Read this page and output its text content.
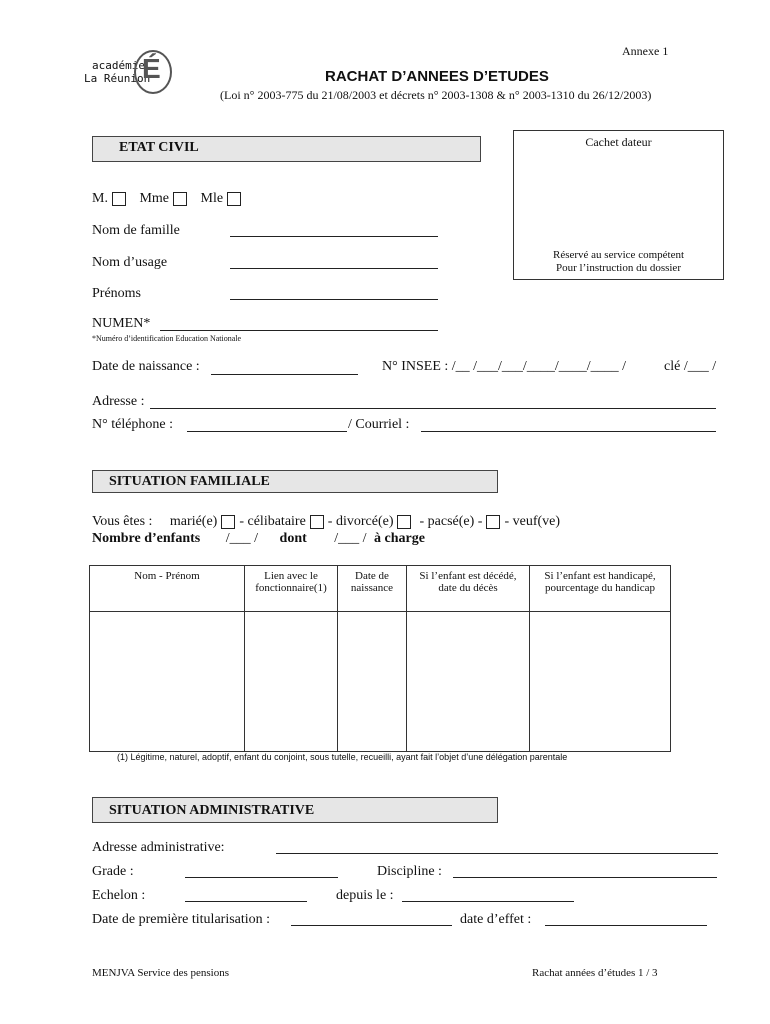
Annexe 1
académie
La Réunion
É	RACHAT D’ANNEES D’ETUDES
(Loi n° 2003-775 du 21/08/2003 et décrets n° 2003-1308 & n° 2003-1310 du 26/12/2003)
Cachet dateur
Réservé au service compétent
Pour l’instruction du dossier
ETAT CIVIL
M. Mme Mle
Nom de famille
Nom d’usage
Prénoms
NUMEN*
*Numéro d’identification Education Nationale
Date de naissance :	N° INSEE : /__ /___/___/____/____/____ /	clé /___ /
Adresse :
N° téléphone :	/ Courriel :
SITUATION FAMILIALE
Vous êtes : marié(e) - célibataire - divorcé(e) - pacsé(e) - - veuf(ve)
Nombre d’enfants /___ / dont /___ / à charge
Nom - Prénom	Lien avec le fonctionnaire(1)	Date de naissance	Si l’enfant est décédé, date du décès	Si l’enfant est handicapé, pourcentage du handicap

(1) Légitime, naturel, adoptif, enfant du conjoint, sous tutelle, recueilli, ayant fait l’objet d’une délégation parentale
SITUATION ADMINISTRATIVE
Adresse administrative:
Grade :	Discipline :
Echelon :	depuis le :
Date de première titularisation :	date d’effet :
MENJVA Service des pensions	Rachat années d’études 1 / 3
